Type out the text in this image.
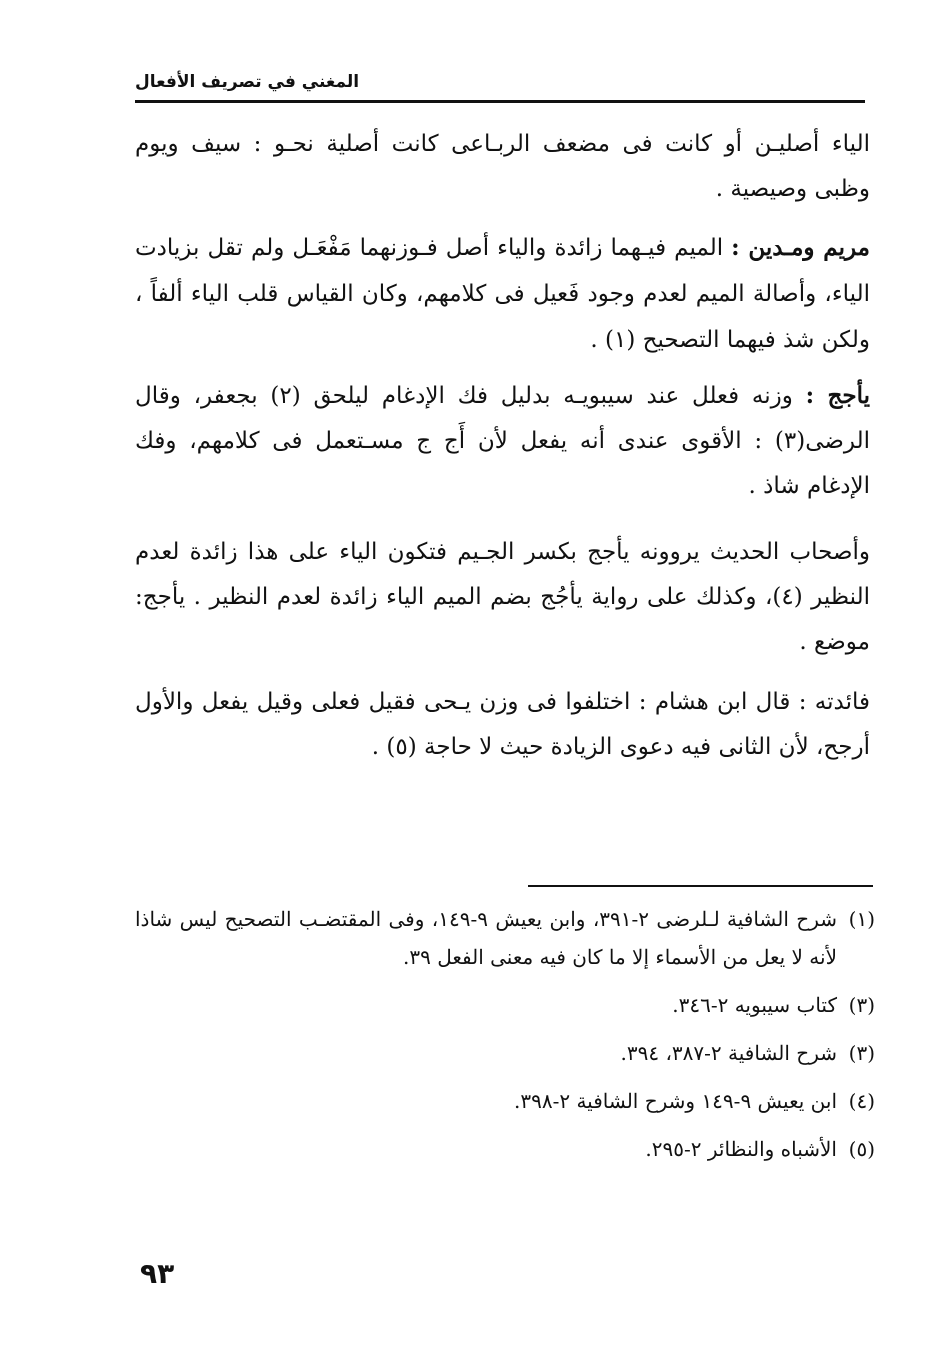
المغني في تصريف الأفعال

الياء أصليـن أو كانت فى مضعف الربـاعى كانت أصلية نحـو : سيف ويوم وظبى وصيصية .

مريم ومـدين : الميم فيـهما زائدة والياء أصل فـوزنهما مَفْعَـل ولم تقل بزيادت الياء، وأصالة الميم لعدم وجود فَعيل فى كلامهم، وكان القياس قلب الياء ألفاً ، ولكن شذ فيهما التصحيح (١) .

يأجج : وزنه فعلل عند سيبويـه بدليل فك الإدغام ليلحق (٢) بجعفر، وقال الرضى(٣) : الأقوى عندى أنه يفعل لأن أَج ج مسـتعمل فى كلامهم، وفك الإدغام شاذ .

وأصحاب الحديث يروونه يأجج بكسر الجـيم فتكون الياء على هذا زائدة لعدم النظير (٤)، وكذلك على رواية يأجُج بضم الميم الياء زائدة لعدم النظير . يأجج: موضع .

فائدته : قال ابن هشام : اختلفوا فى وزن يـحى فقيل فعلى وقيل يفعل والأول أرجح، لأن الثانى فيه دعوى الزيادة حيث لا حاجة (٥) .

(١)
شرح الشافية لـلرضى ٢-٣٩١، وابن يعيش ٩-١٤٩، وفى المقتضـب التصحيح ليس شاذا لأنه لا يعل من الأسماء إلا ما كان فيه معنى الفعل ٣٩.
(٣)
كتاب سيبويه ٢-٣٤٦.
(٣)
شرح الشافية ٢-٣٨٧، ٣٩٤.
(٤)
ابن يعيش ٩-١٤٩ وشرح الشافية ٢-٣٩٨.
(٥)
الأشباه والنظائر ٢-٢٩٥.
٩٣
